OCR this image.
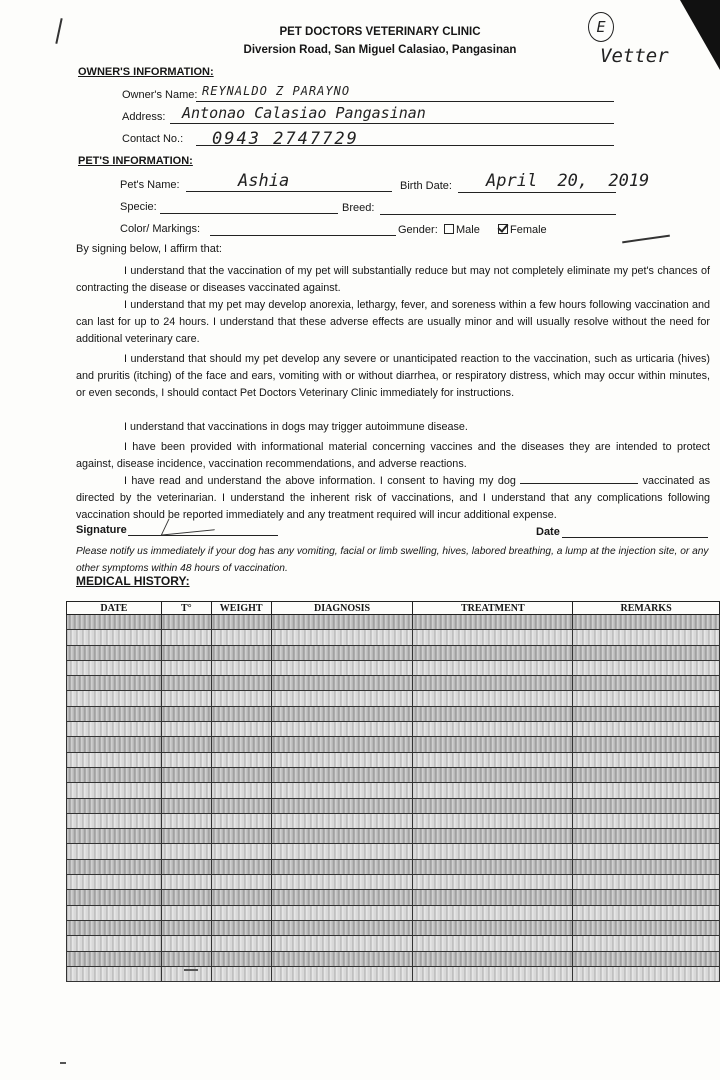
PET DOCTORS VETERINARY CLINIC
Diversion Road, San Miguel Calasiao, Pangasinan
E
Vetter
OWNER'S INFORMATION:
Owner's Name: REYNALDO Z PARAYNO
Address: Antonao Calasiao Pangasinan
Contact No.: 0943 2747729
PET'S INFORMATION:
Pet's Name:	Ashia	Birth Date: April 20, 2019
Specie:	Breed:
Color/ Markings:	Gender:	Male	Female
By signing below, I affirm that:

I understand that the vaccination of my pet will substantially reduce but may not completely eliminate my pet's chances of contracting the disease or diseases vaccinated against.

I understand that my pet may develop anorexia, lethargy, fever, and soreness within a few hours following vaccination and can last for up to 24 hours. I understand that these adverse effects are usually minor and will usually resolve without the need for additional veterinary care.

I understand that should my pet develop any severe or unanticipated reaction to the vaccination, such as urticaria (hives) and pruritis (itching) of the face and ears, vomiting with or without diarrhea, or respiratory distress, which may occur within minutes, or even seconds, I should contact Pet Doctors Veterinary Clinic immediately for instructions.

I understand that vaccinations in dogs may trigger autoimmune disease.

I have been provided with informational material concerning vaccines and the diseases they are intended to protect against, disease incidence, vaccination recommendations, and adverse reactions.

I have read and understand the above information. I consent to having my dog	vaccinated as directed by the veterinarian. I understand the inherent risk of vaccinations, and I understand that any complications following vaccination should be reported immediately and any treatment required will incur additional expense.

Signature	Date
Please notify us immediately if your dog has any vomiting, facial or limb swelling, hives, labored breathing, a lump at the injection site, or any other symptoms within 48 hours of vaccination.
MEDICAL HISTORY:
DATE	T°	WEIGHT	DIAGNOSIS	TREATMENT	REMARKS
